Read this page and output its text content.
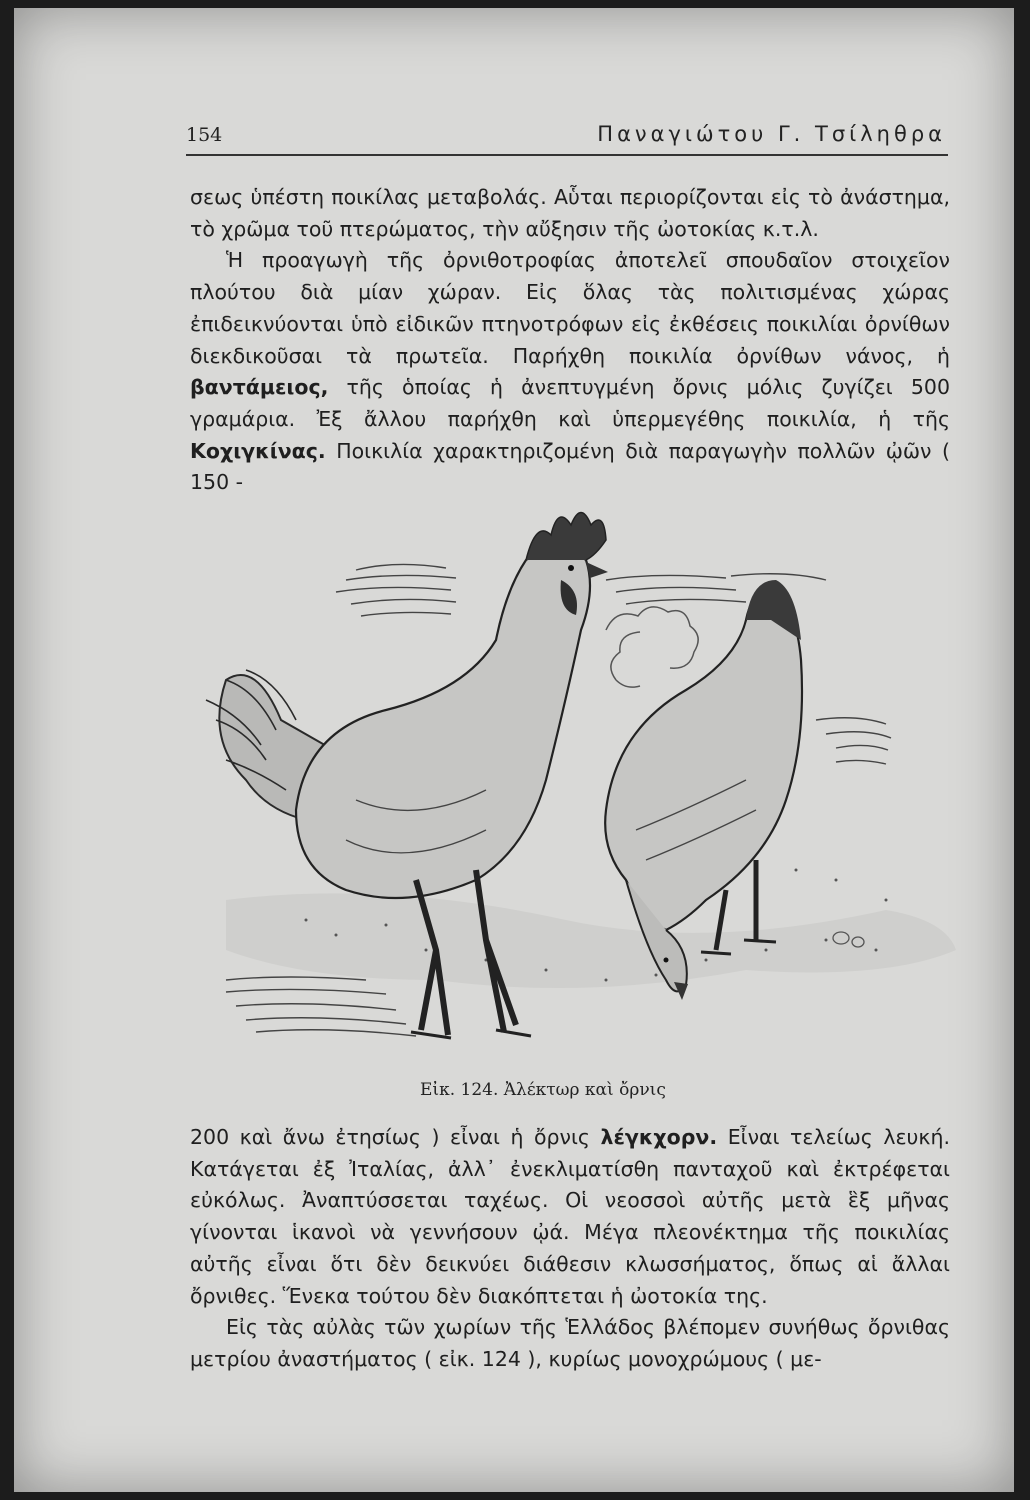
154	Παναγιώτου Γ. Τσίληθρα

σεως ὑπέστη ποικίλας μεταβολάς. Αὗται περιορίζονται εἰς τὸ ἀνάστημα, τὸ χρῶμα τοῦ πτερώματος, τὴν αὔξησιν τῆς ὠοτοκίας κ.τ.λ.

Ἡ προαγωγὴ τῆς ὀρνιθοτροφίας ἀποτελεῖ σπουδαῖον στοιχεῖον πλούτου διὰ μίαν χώραν. Εἰς ὅλας τὰς πολιτισμένας χώρας ἐπιδεικνύονται ὑπὸ εἰδικῶν πτηνοτρόφων εἰς ἐκθέσεις ποικιλίαι ὀρνίθων διεκδικοῦσαι τὰ πρωτεῖα. Παρήχθη ποικιλία ὀρνίθων νάνος, ἡ βαντάμειος, τῆς ὁποίας ἡ ἀνεπτυγμένη ὄρνις μόλις ζυγίζει 500 γραμάρια. Ἐξ ἄλλου παρήχθη καὶ ὑπερμεγέθης ποικιλία, ἡ τῆς Κοχιγκίνας. Ποικιλία χαρακτηριζομένη διὰ παραγωγὴν πολλῶν ᾠῶν ( 150 -

Εἰκ. 124. Ἀλέκτωρ καὶ ὄρνις

200 καὶ ἄνω ἐτησίως ) εἶναι ἡ ὄρνις λέγκχορν. Εἶναι τελείως λευκή. Κατάγεται ἐξ Ἰταλίας, ἀλλ᾿ ἐνεκλιματίσθη πανταχοῦ καὶ ἐκτρέφεται εὐκόλως. Ἀναπτύσσεται ταχέως. Οἱ νεοσσοὶ αὐτῆς μετὰ ἓξ μῆνας γίνονται ἱκανοὶ νὰ γεννήσουν ᾠά. Μέγα πλεονέκτημα τῆς ποικιλίας αὐτῆς εἶναι ὅτι δὲν δεικνύει διάθεσιν κλωσσήματος, ὅπως αἱ ἄλλαι ὄρνιθες. Ἕνεκα τούτου δὲν διακόπτεται ἡ ὠοτοκία της.

Εἰς τὰς αὐλὰς τῶν χωρίων τῆς Ἑλλάδος βλέπομεν συνήθως ὄρνιθας μετρίου ἀναστήματος ( εἰκ. 124 ), κυρίως μονοχρώμους ( με-
